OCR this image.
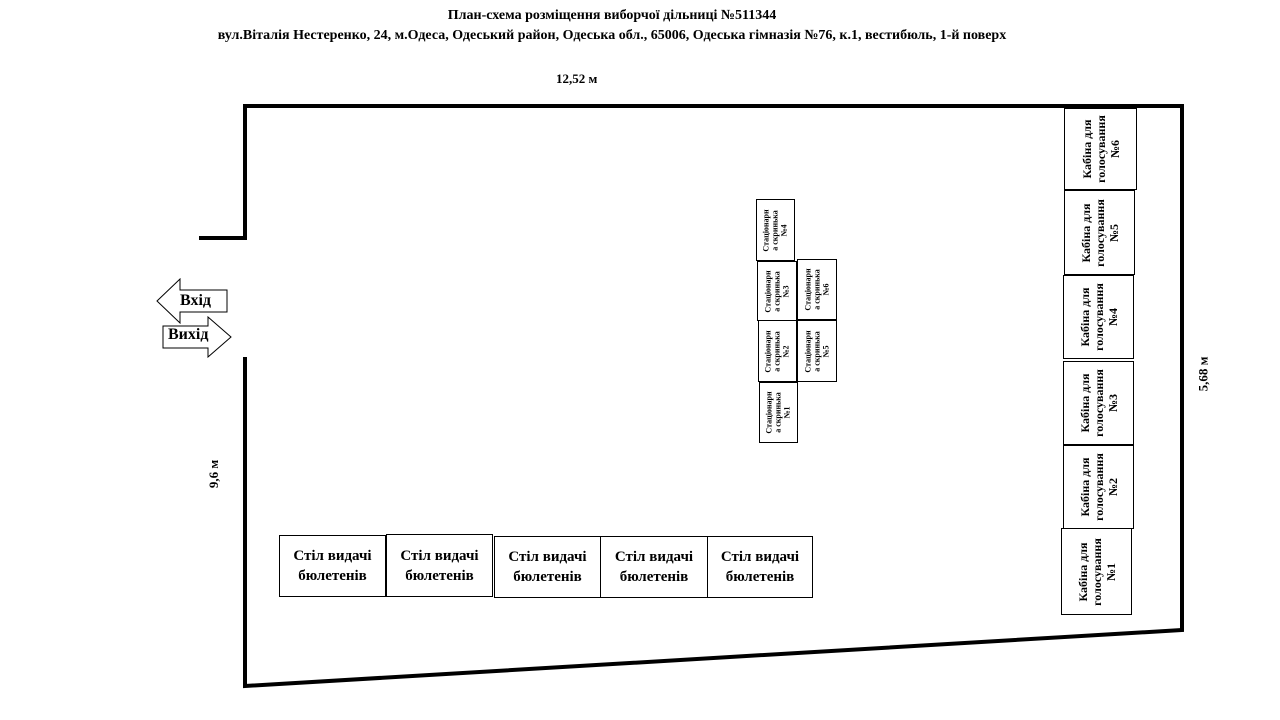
План-схема розміщення виборчої дільниці №511344
вул.Віталія Нестеренко, 24, м.Одеса, Одеський район, Одеська обл., 65006, Одеська гімназія №76, к.1, вестибюль, 1-й поверх
12,52 м
9,6 м
5,68 м
Вхід
Вихід
Стіл видачі
бюлетенів
Стіл видачі
бюлетенів
Стіл видачі
бюлетенів
Стіл видачі
бюлетенів
Стіл видачі
бюлетенів
Кабіна для голосування №6
Кабіна для голосування №5
Кабіна для голосування №4
Кабіна для голосування №3
Кабіна для голосування №2
Кабіна для голосування №1
Стаціонарн а скринька №4
Стаціонарн а скринька №3
Стаціонарн а скринька №2
Стаціонарн а скринька №1
Стаціонарн а скринька №6
Стаціонарн а скринька №5
